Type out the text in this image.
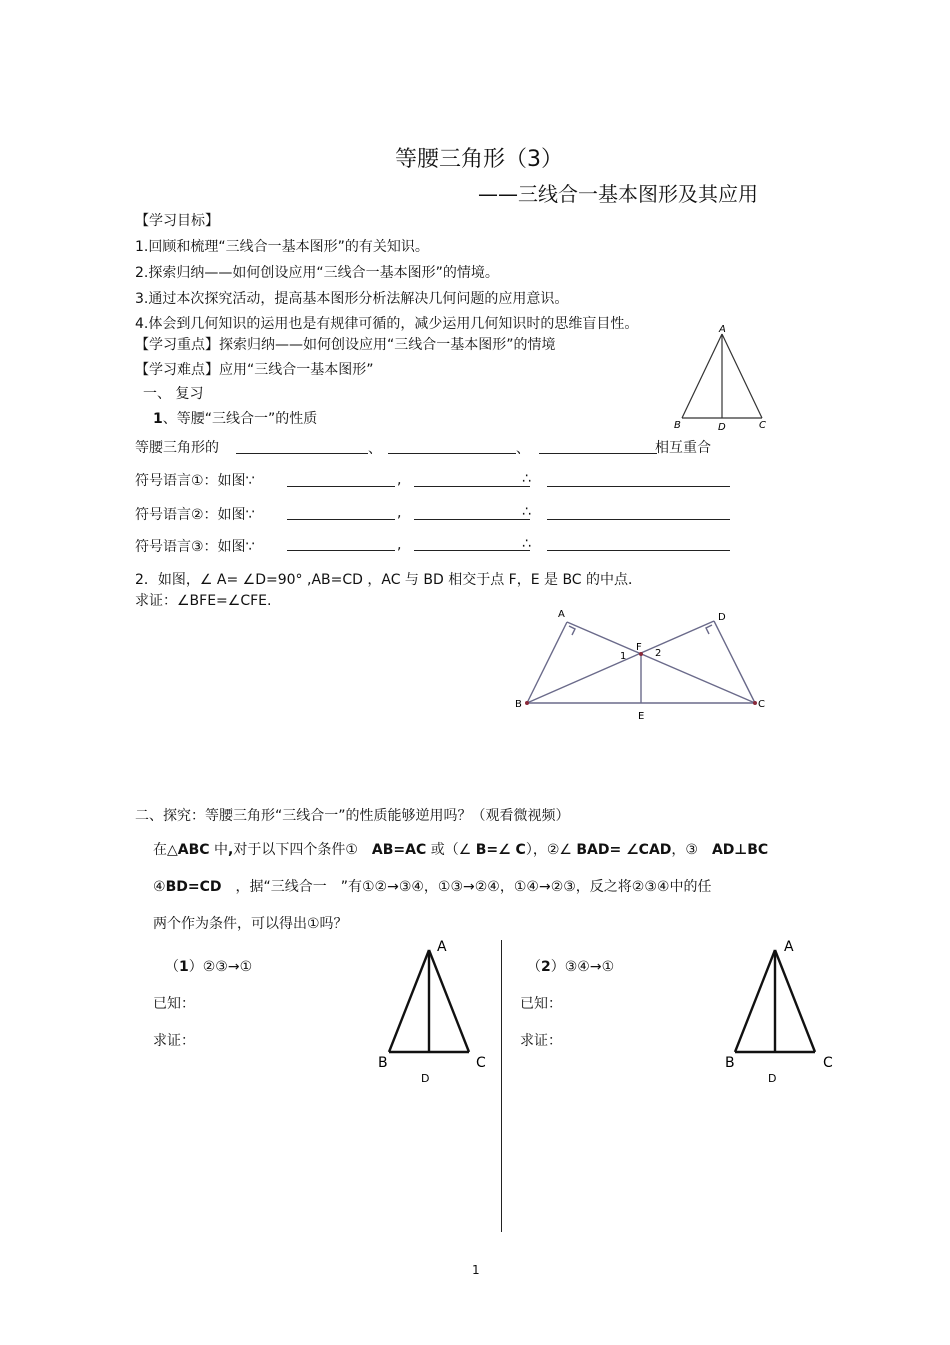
等腰三角形（3）
——三线合一基本图形及其应用
【学习目标】
1.回顾和梳理“三线合一基本图形”的有关知识。
2.探索归纳——如何创设应用“三线合一基本图形”的情境。
3.通过本次探究活动，提高基本图形分析法解决几何问题的应用意识。
4.体会到几何知识的运用也是有规律可循的，减少运用几何知识时的思维盲目性。
【学习重点】探索归纳——如何创设应用“三线合一基本图形”的情境
【学习难点】应用“三线合一基本图形”
A
B	D	C
一、 复习
1、等腰“三线合一”的性质
等腰三角形的	、	、	相互重合
符号语言①：如图∵	,	∴
符号语言②：如图∵	,	∴
符号语言③：如图∵	,	∴
2．如图，∠ A= ∠D=90° ,AB=CD ，AC 与 BD 相交于点 F，E 是 BC 的中点．
求证：∠BFE=∠CFE.
A	D
F
1	2
B	C
E
二、探究：等腰三角形“三线合一”的性质能够逆用吗？（观看微视频）
在△ABC 中,对于以下四个条件①　AB=AC 或（∠ B=∠ C），②∠ BAD= ∠CAD，③　AD⊥BC
④BD=CD　，据“三线合一　”有①②→③④，①③→②④，①④→②③，反之将②③④中的任
两个作为条件，可以得出①吗？
（1）②③→①
已知：
求证：
A
B	C
D
（2）③④→①
已知：
求证：
A
B	C
D
1
